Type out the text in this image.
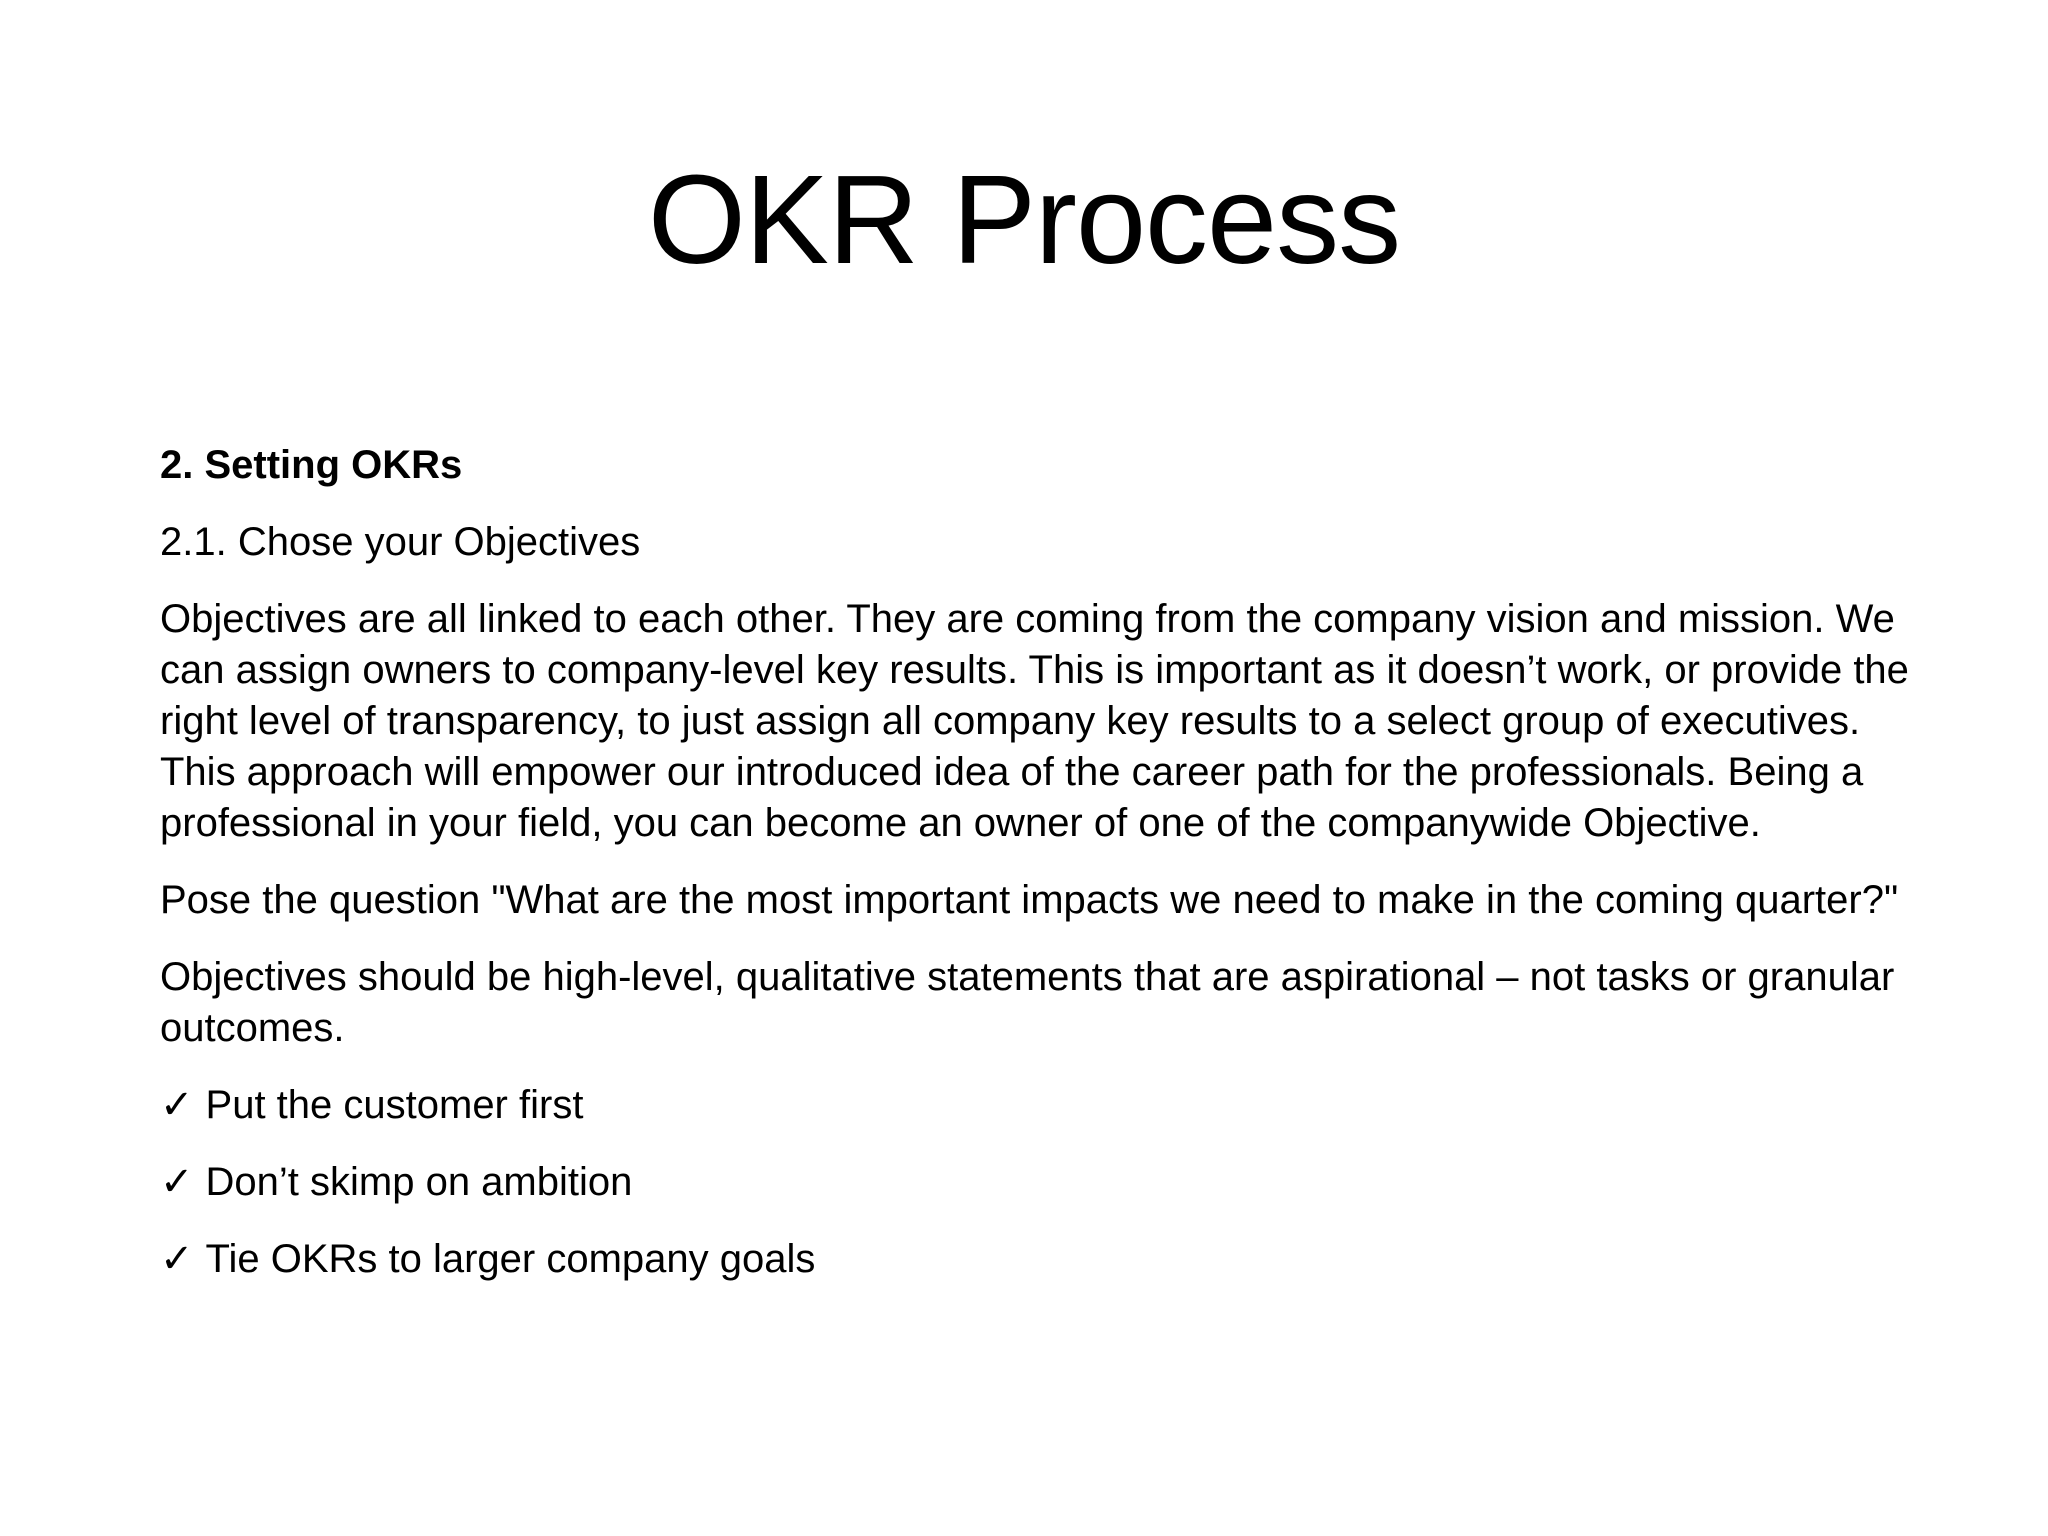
OKR Process

2. Setting OKRs

2.1. Chose your Objectives

Objectives are all linked to each other. They are coming from the company vision and mission. We can assign owners to company-level key results. This is important as it doesn’t work, or provide the right level of transparency, to just assign all company key results to a select group of executives. This approach will empower our introduced idea of the career path for the professionals. Being a professional in your field, you can become an owner of one of the companywide Objective.

Pose the question "What are the most important impacts we need to make in the coming quarter?"

Objectives should be high-level, qualitative statements that are aspirational – not tasks or granular outcomes.

✓ Put the customer first

✓ Don’t skimp on ambition

✓ Tie OKRs to larger company goals
